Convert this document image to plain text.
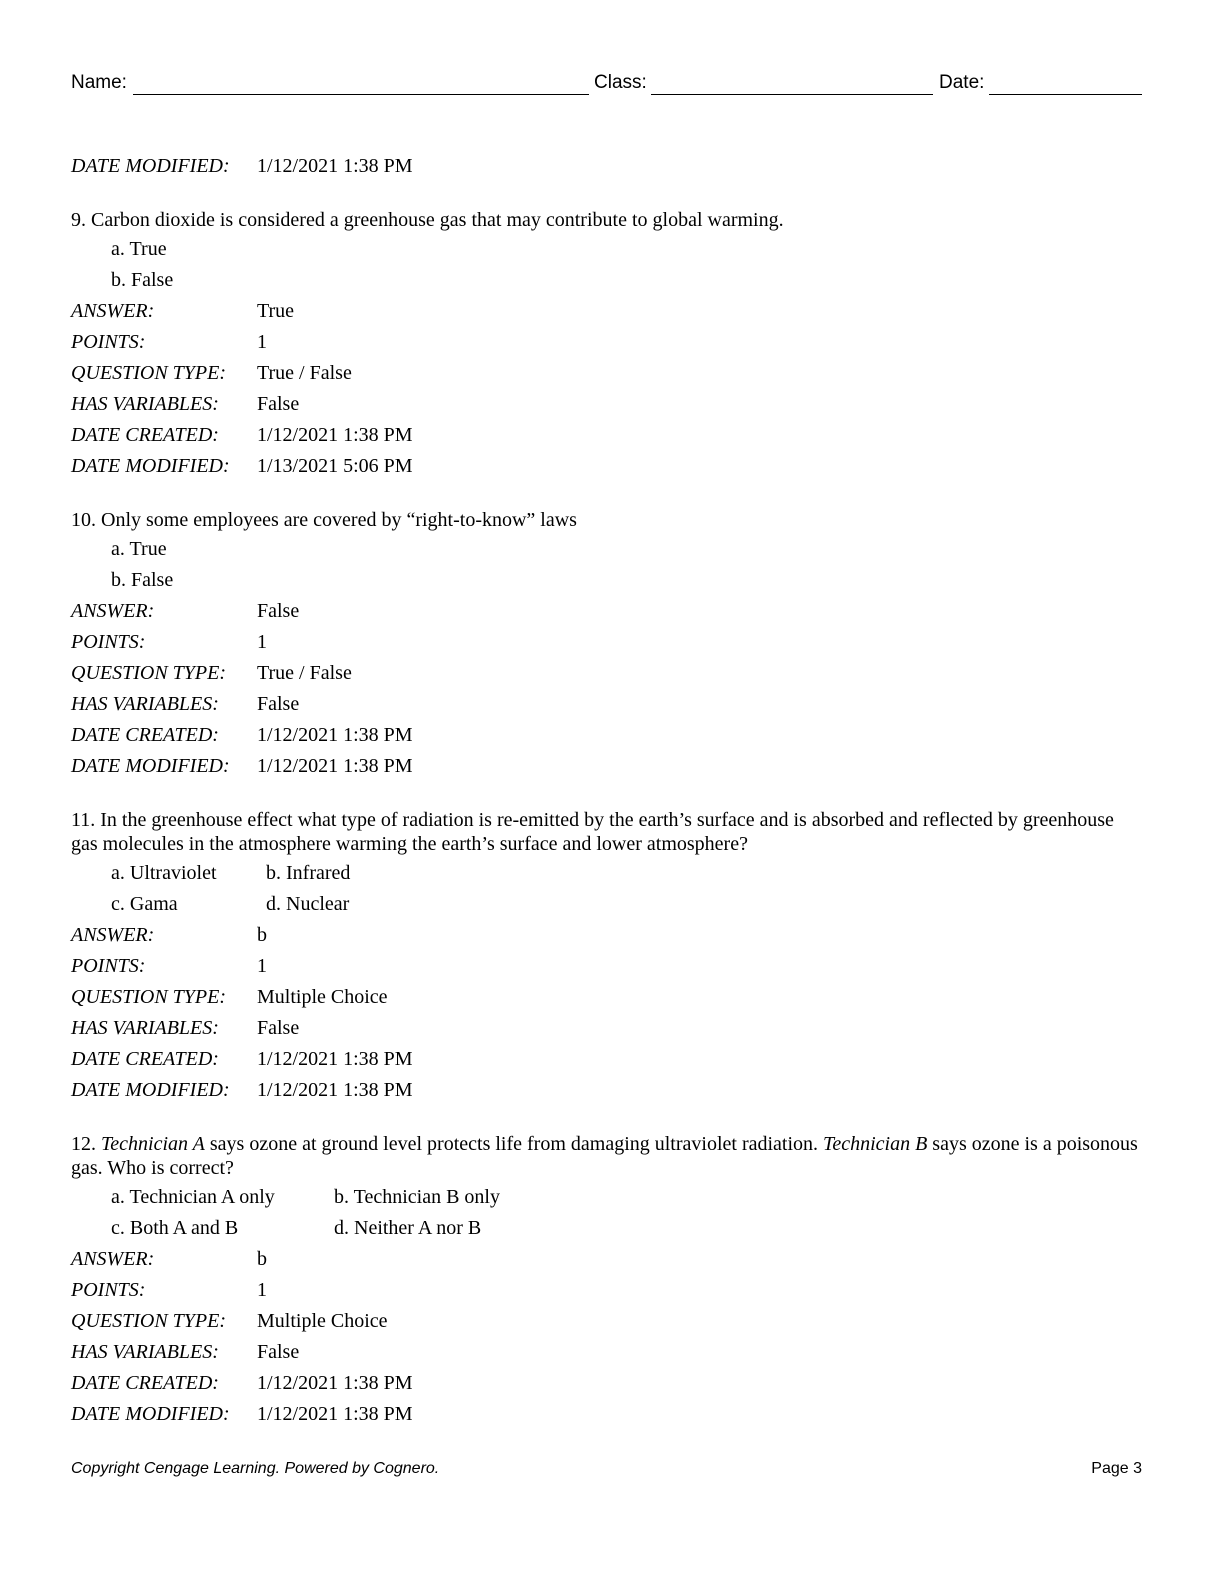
Name:	Class:	Date:
DATE MODIFIED: 1/12/2021 1:38 PM

9. Carbon dioxide is considered a greenhouse gas that may contribute to global warming.

a. True
b. False
ANSWER:	True
POINTS:	1
QUESTION TYPE: True / False
HAS VARIABLES: False
DATE CREATED: 1/12/2021 1:38 PM
DATE MODIFIED: 1/13/2021 5:06 PM

10. Only some employees are covered by “right-to-know” laws

a. True
b. False
ANSWER:	False
POINTS:	1
QUESTION TYPE: True / False
HAS VARIABLES: False
DATE CREATED: 1/12/2021 1:38 PM
DATE MODIFIED: 1/12/2021 1:38 PM

11. In the greenhouse effect what type of radiation is re-emitted by the earth’s surface and is absorbed and reflected by greenhouse gas molecules in the atmosphere warming the earth’s surface and lower atmosphere?

a. Ultraviolet b. Infrared
c. Gama	d. Nuclear
ANSWER:	b
POINTS:	1
QUESTION TYPE: Multiple Choice
HAS VARIABLES: False
DATE CREATED: 1/12/2021 1:38 PM
DATE MODIFIED: 1/12/2021 1:38 PM

12. Technician A says ozone at ground level protects life from damaging ultraviolet radiation. Technician B says ozone is a poisonous gas. Who is correct?

a. Technician A only	b. Technician B only
c. Both A and B	d. Neither A nor B
ANSWER:	b
POINTS:	1
QUESTION TYPE: Multiple Choice
HAS VARIABLES: False
DATE CREATED: 1/12/2021 1:38 PM
DATE MODIFIED: 1/12/2021 1:38 PM
Copyright Cengage Learning. Powered by Cognero.	Page 3
